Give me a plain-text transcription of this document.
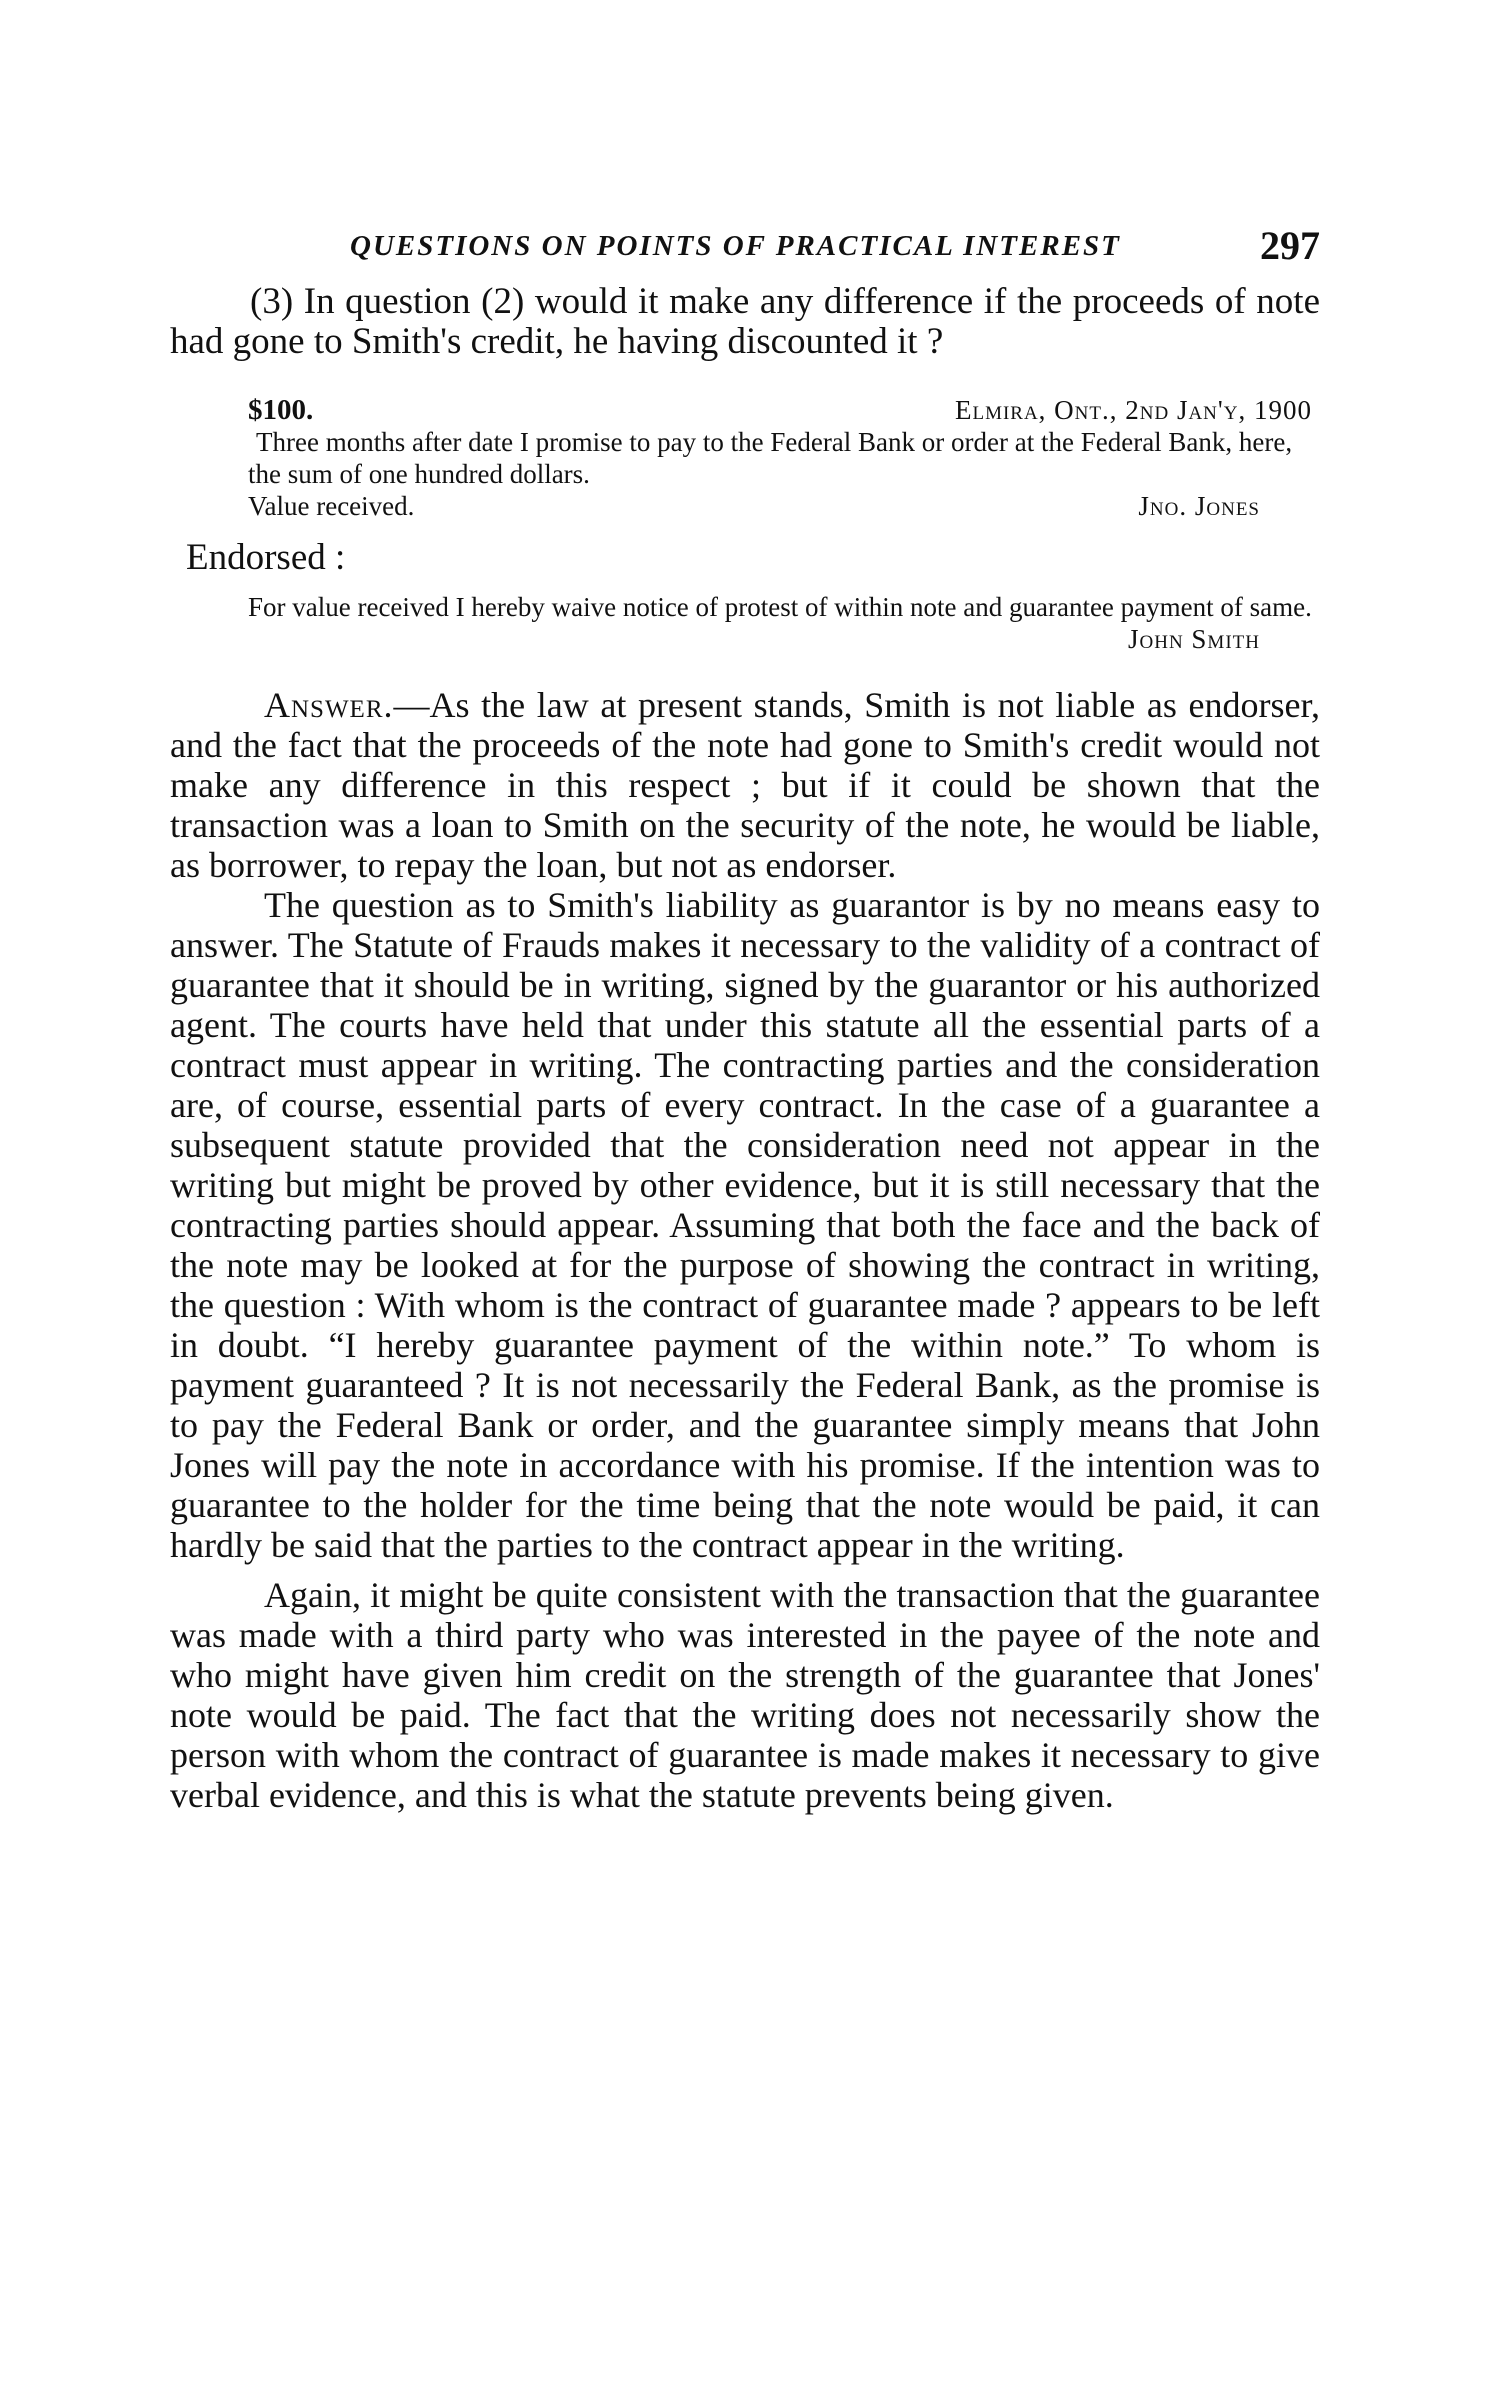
QUESTIONS ON POINTS OF PRACTICAL INTEREST	297

(3) In question (2) would it make any difference if the proceeds of note had gone to Smith's credit, he having discounted it ?

$100.	Elmira, Ont., 2nd Jan'y, 1900

Three months after date I promise to pay to the Federal Bank or order at the Federal Bank, here, the sum of one hundred dollars.

Value received.	Jno. Jones
Endorsed :
For value received I hereby waive notice of protest of within note and guarantee payment of same.
John Smith

Answer.—As the law at present stands, Smith is not liable as endorser, and the fact that the proceeds of the note had gone to Smith's credit would not make any difference in this respect ; but if it could be shown that the transaction was a loan to Smith on the security of the note, he would be liable, as borrower, to repay the loan, but not as endorser.

The question as to Smith's liability as guarantor is by no means easy to answer. The Statute of Frauds makes it necessary to the validity of a contract of guarantee that it should be in writing, signed by the guarantor or his authorized agent. The courts have held that under this statute all the essential parts of a contract must appear in writing. The contracting parties and the consideration are, of course, essential parts of every contract. In the case of a guarantee a subsequent statute provided that the consideration need not appear in the writing but might be proved by other evidence, but it is still necessary that the contracting parties should appear. Assuming that both the face and the back of the note may be looked at for the purpose of showing the contract in writing, the question : With whom is the contract of guarantee made ? appears to be left in doubt. “I hereby guarantee payment of the within note.” To whom is payment guaranteed ? It is not necessarily the Federal Bank, as the promise is to pay the Federal Bank or order, and the guarantee simply means that John Jones will pay the note in accordance with his promise. If the intention was to guarantee to the holder for the time being that the note would be paid, it can hardly be said that the parties to the contract appear in the writing.

Again, it might be quite consistent with the transaction that the guarantee was made with a third party who was interested in the payee of the note and who might have given him credit on the strength of the guarantee that Jones' note would be paid. The fact that the writing does not necessarily show the person with whom the contract of guarantee is made makes it necessary to give verbal evidence, and this is what the statute prevents being given.
